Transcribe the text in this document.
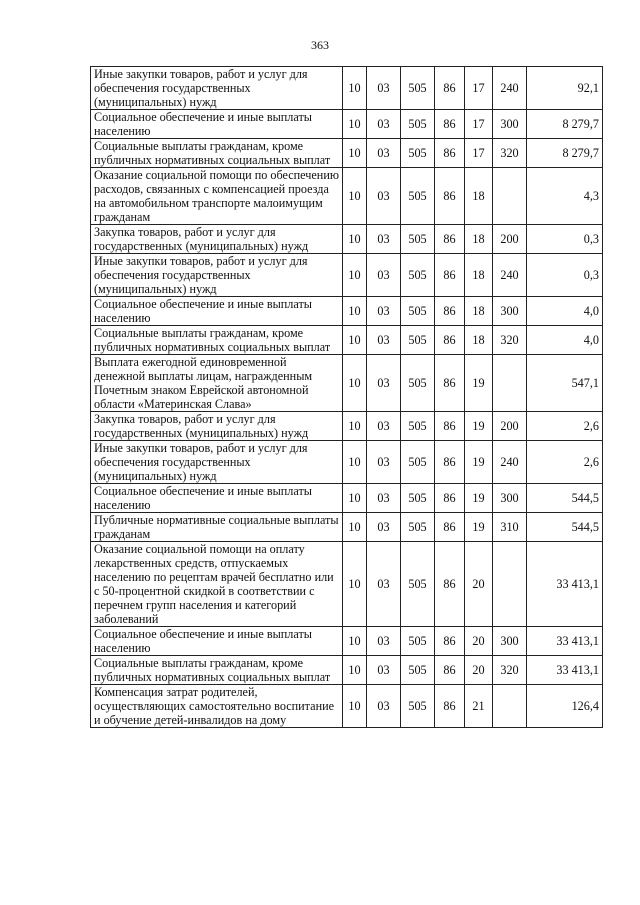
363
Иные закупки товаров, работ и услуг для обеспечения государственных (муниципальных) нужд	10	03	505	86	17	240	92,1
Социальное обеспечение и иные выплаты населению	10	03	505	86	17	300	8 279,7
Социальные выплаты гражданам, кроме публичных нормативных социальных выплат	10	03	505	86	17	320	8 279,7
Оказание социальной помощи по обеспечению расходов, связанных с компенсацией проезда на автомобильном транспорте малоимущим гражданам	10	03	505	86	18		4,3
Закупка товаров, работ и услуг для государственных (муниципальных) нужд	10	03	505	86	18	200	0,3
Иные закупки товаров, работ и услуг для обеспечения государственных (муниципальных) нужд	10	03	505	86	18	240	0,3
Социальное обеспечение и иные выплаты населению	10	03	505	86	18	300	4,0
Социальные выплаты гражданам, кроме публичных нормативных социальных выплат	10	03	505	86	18	320	4,0
Выплата ежегодной единовременной денежной выплаты лицам, награжденным Почетным знаком Еврейской автономной области «Материнская Слава»	10	03	505	86	19		547,1
Закупка товаров, работ и услуг для государственных (муниципальных) нужд	10	03	505	86	19	200	2,6
Иные закупки товаров, работ и услуг для обеспечения государственных (муниципальных) нужд	10	03	505	86	19	240	2,6
Социальное обеспечение и иные выплаты населению	10	03	505	86	19	300	544,5
Публичные нормативные социальные выплаты гражданам	10	03	505	86	19	310	544,5
Оказание социальной помощи на оплату лекарственных средств, отпускаемых населению по рецептам врачей бесплатно или с 50-процентной скидкой в соответствии с перечнем групп населения и категорий заболеваний	10	03	505	86	20		33 413,1
Социальное обеспечение и иные выплаты населению	10	03	505	86	20	300	33 413,1
Социальные выплаты гражданам, кроме публичных нормативных социальных выплат	10	03	505	86	20	320	33 413,1
Компенсация затрат родителей, осуществляющих самостоятельно воспитание и обучение детей-инвалидов на дому	10	03	505	86	21		126,4
